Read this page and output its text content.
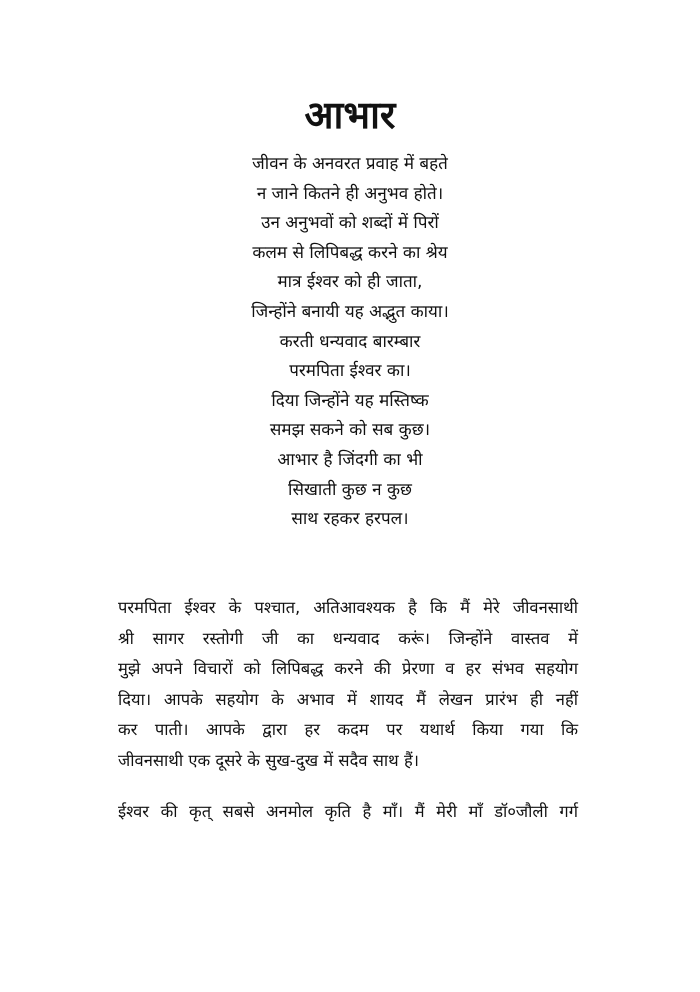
आभार
जीवन के अनवरत प्रवाह में बहते
न जाने कितने ही अनुभव होते।
उन अनुभवों को शब्दों में पिरों
कलम से लिपिबद्ध करने का श्रेय
मात्र ईश्वर को ही जाता,
जिन्होंने बनायी यह अद्भुत काया।
करती धन्यवाद बारम्बार
परमपिता ईश्वर का।
दिया जिन्होंने यह मस्तिष्क
समझ सकने को सब कुछ।
आभार है जिंदगी का भी
सिखाती कुछ न कुछ
साथ रहकर हरपल।
परमपिता ईश्वर के पश्चात, अतिआवश्यक है कि मैं मेरे जीवनसाथी
श्री सागर रस्तोगी जी का धन्यवाद करूं। जिन्होंने वास्तव में
मुझे अपने विचारों को लिपिबद्ध करने की प्रेरणा व हर संभव सहयोग
दिया। आपके सहयोग के अभाव में शायद मैं लेखन प्रारंभ ही नहीं
कर पाती। आपके द्वारा हर कदम पर यथार्थ किया गया कि
जीवनसाथी एक दूसरे के सुख-दुख में सदैव साथ हैं।
ईश्वर की कृत् सबसे अनमोल कृति है माँ। मैं मेरी माँ डॉ०जौली गर्ग
